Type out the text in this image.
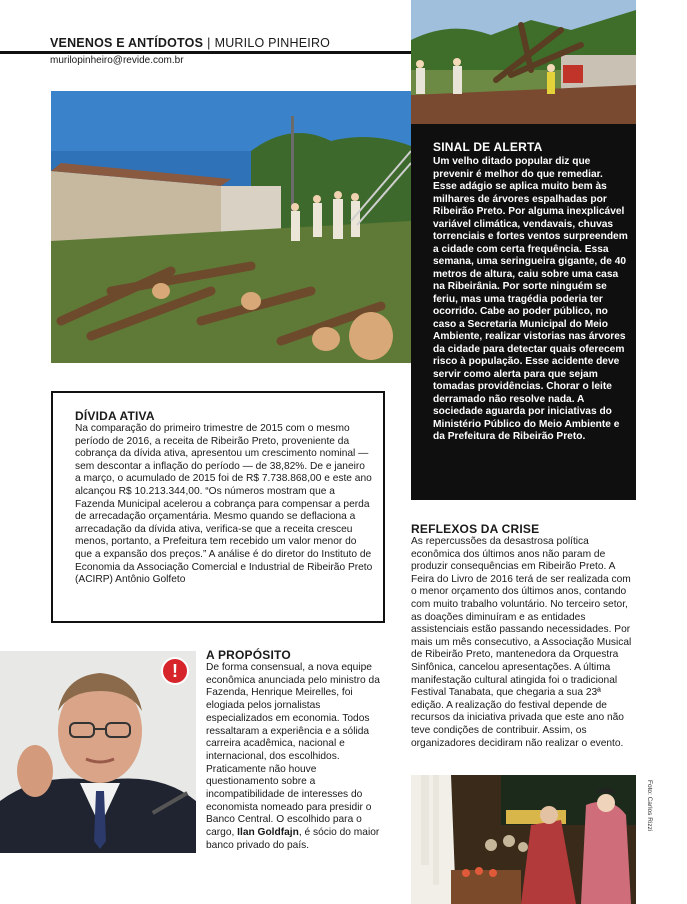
VENENOS E ANTÍDOTOS | MURILO PINHEIRO
murilopinheiro@revide.com.br
SINAL DE ALERTA

Um velho ditado popular diz que prevenir é melhor do que remediar. Esse adágio se aplica muito bem às milhares de árvores espalhadas por Ribeirão Preto. Por alguma inexplicável variável climática, vendavais, chuvas torrenciais e fortes ventos surpreendem a cidade com certa frequência. Essa semana, uma seringueira gigante, de 40 metros de altura, caiu sobre uma casa na Ribeirânia. Por sorte ninguém se feriu, mas uma tragédia poderia ter ocorrido. Cabe ao poder público, no caso a Secretaria Municipal do Meio Ambiente, realizar vistorias nas árvores da cidade para detectar quais oferecem risco à população. Esse acidente deve servir como alerta para que sejam tomadas providências. Chorar o leite derramado não resolve nada. A sociedade aguarda por iniciativas do Ministério Público do Meio Ambiente e da Prefeitura de Ribeirão Preto.

DÍVIDA ATIVA

Na comparação do primeiro trimestre de 2015 com o mesmo período de 2016, a receita de Ribeirão Preto, proveniente da cobrança da dívida ativa, apresentou um crescimento nominal — sem descontar a inflação do período — de 38,82%. De e janeiro a março, o acumulado de 2015 foi de R$ 7.738.868,00 e este ano alcançou R$ 10.213.344,00. “Os números mostram que a Fazenda Municipal acelerou a cobrança para compensar a perda de arrecadação orçamentária. Mesmo quando se deflaciona a arrecadação da dívida ativa, verifica-se que a receita cresceu menos, portanto, a Prefeitura tem recebido um valor menor do que a expansão dos preços.” A análise é do diretor do Instituto de Economia da Associação Comercial e Industrial de Ribeirão Preto (ACIRP) Antônio Golfeto

REFLEXOS DA CRISE

As repercussões da desastrosa política econômica dos últimos anos não param de produzir consequências em Ribeirão Preto. A Feira do Livro de 2016 terá de ser realizada com o menor orçamento dos últimos anos, contando com muito trabalho voluntário. No terceiro setor, as doações diminuíram e as entidades assistenciais estão passando necessidades. Por mais um mês consecutivo, a Associação Musical de Ribeirão Preto, mantenedora da Orquestra Sinfônica, cancelou apresentações. A última manifestação cultural atingida foi o tradicional Festival Tanabata, que chegaria a sua 23ª edição. A realização do festival depende de recursos da iniciativa privada que este ano não teve condições de contribuir. Assim, os organizadores decidiram não realizar o evento.

!
A PROPÓSITO

De forma consensual, a nova equipe econômica anunciada pelo ministro da Fazenda, Henrique Meirelles, foi elogiada pelos jornalistas especializados em economia. Todos ressaltaram a experiência e a sólida carreira acadêmica, nacional e internacional, dos escolhidos. Praticamente não houve questionamento sobre a incompatibilidade de interesses do economista nomeado para presidir o Banco Central. O escolhido para o cargo, Ilan Goldfajn, é sócio do maior banco privado do país.

Foto: Carlos Rizzi
